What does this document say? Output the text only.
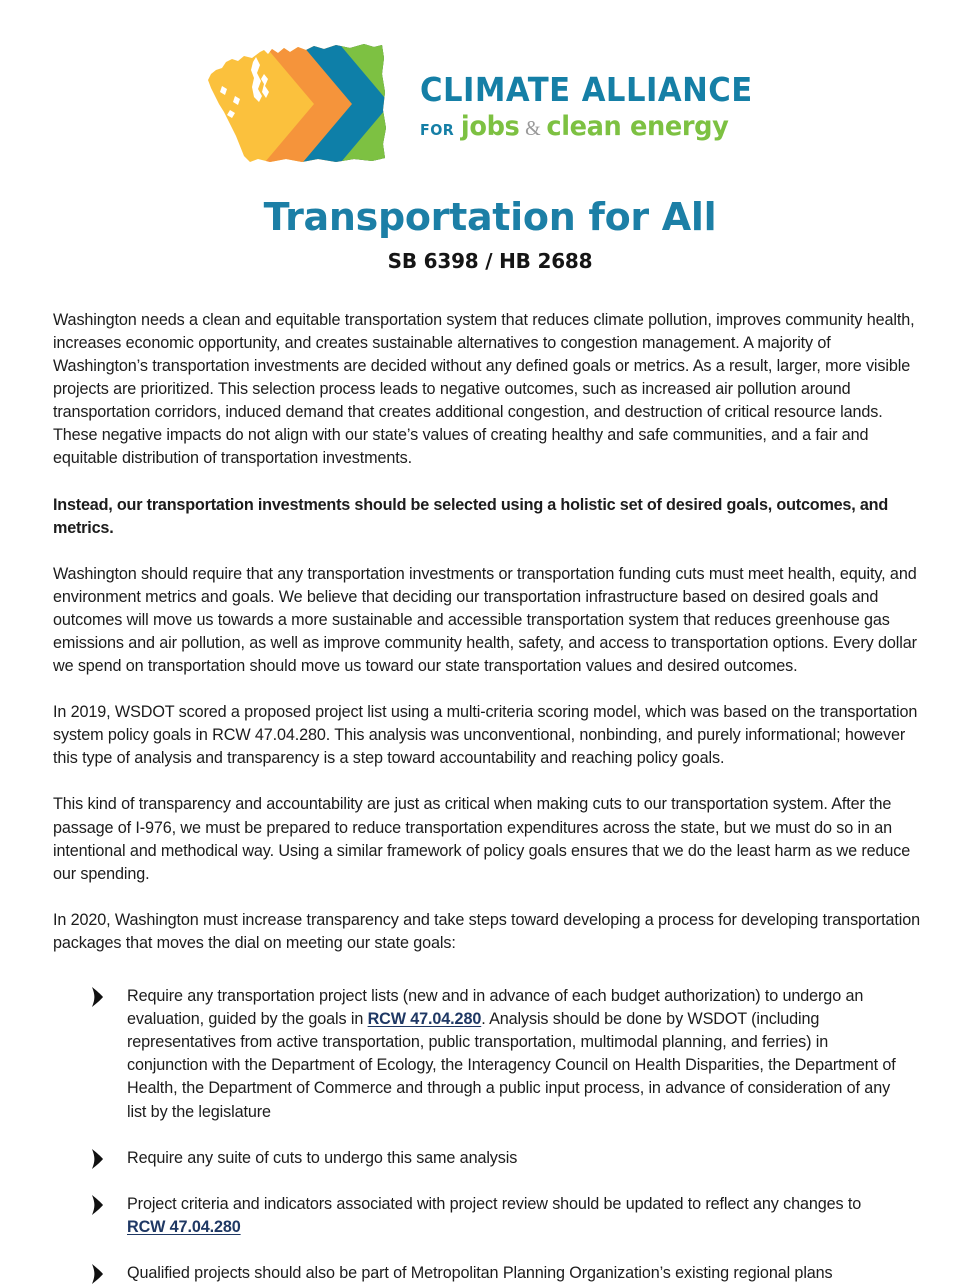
CLIMATE ALLIANCE
FOR jobs & clean energy
Transportation for All
SB 6398 / HB 2688

Washington needs a clean and equitable transportation system that reduces climate pollution, improves community health, increases economic opportunity, and creates sustainable alternatives to congestion management. A majority of Washington’s transportation investments are decided without any defined goals or metrics. As a result, larger, more visible projects are prioritized. This selection process leads to negative outcomes, such as increased air pollution around transportation corridors, induced demand that creates additional congestion, and destruction of critical resource lands. These negative impacts do not align with our state’s values of creating healthy and safe communities, and a fair and equitable distribution of transportation investments.

Instead, our transportation investments should be selected using a holistic set of desired goals, outcomes, and metrics.

Washington should require that any transportation investments or transportation funding cuts must meet health, equity, and environment metrics and goals. We believe that deciding our transportation infrastructure based on desired goals and outcomes will move us towards a more sustainable and accessible transportation system that reduces greenhouse gas emissions and air pollution, as well as improve community health, safety, and access to transportation options. Every dollar we spend on transportation should move us toward our state transportation values and desired outcomes.

In 2019, WSDOT scored a proposed project list using a multi-criteria scoring model, which was based on the transportation system policy goals in RCW 47.04.280. This analysis was unconventional, nonbinding, and purely informational; however this type of analysis and transparency is a step toward accountability and reaching policy goals.

This kind of transparency and accountability are just as critical when making cuts to our transportation system. After the passage of I-976, we must be prepared to reduce transportation expenditures across the state, but we must do so in an intentional and methodical way. Using a similar framework of policy goals ensures that we do the least harm as we reduce our spending.

In 2020, Washington must increase transparency and take steps toward developing a process for developing transportation packages that moves the dial on meeting our state goals:

Require any transportation project lists (new and in advance of each budget authorization) to undergo an evaluation, guided by the goals in RCW 47.04.280. Analysis should be done by WSDOT (including representatives from active transportation, public transportation, multimodal planning, and ferries) in conjunction with the Department of Ecology, the Interagency Council on Health Disparities, the Department of Health, the Department of Commerce and through a public input process, in advance of consideration of any list by the legislature
Require any suite of cuts to undergo this same analysis
Project criteria and indicators associated with project review should be updated to reflect any changes to RCW 47.04.280
Qualified projects should also be part of Metropolitan Planning Organization’s existing regional plans
